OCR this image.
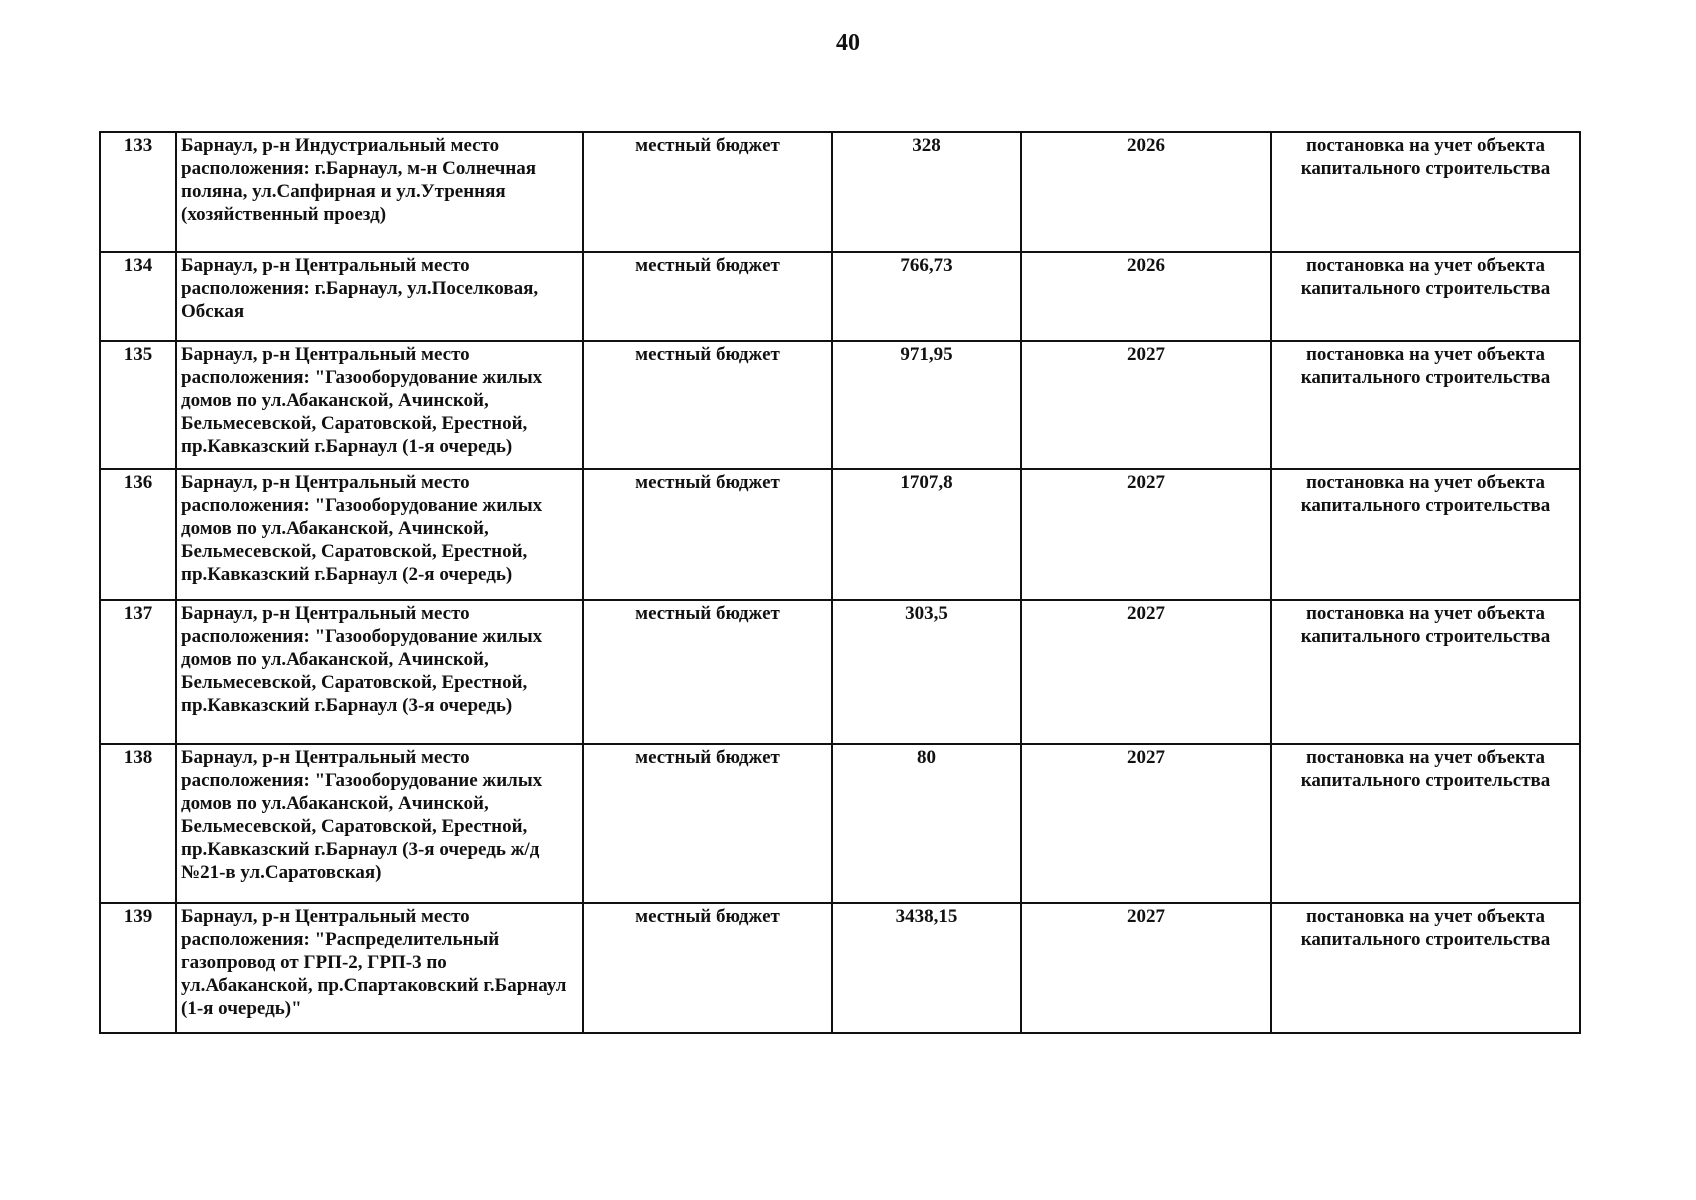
40
133	Барнаул, р-н Индустриальный место расположения: г.Барнаул, м-н Солнечная поляна, ул.Сапфирная и ул.Утренняя (хозяйственный проезд)	местный бюджет	328	2026	постановка на учет объекта капитального строительства
134	Барнаул, р-н Центральный место расположения: г.Барнаул, ул.Поселковая, Обская	местный бюджет	766,73	2026	постановка на учет объекта капитального строительства
135	Барнаул, р-н Центральный место расположения: "Газооборудование жилых домов по ул.Абаканской, Ачинской, Бельмесевской, Саратовской, Ерестной, пр.Кавказский г.Барнаул (1-я очередь)	местный бюджет	971,95	2027	постановка на учет объекта капитального строительства
136	Барнаул, р-н Центральный место расположения: "Газооборудование жилых домов по ул.Абаканской, Ачинской, Бельмесевской, Саратовской, Ерестной, пр.Кавказский г.Барнаул (2-я очередь)	местный бюджет	1707,8	2027	постановка на учет объекта капитального строительства
137	Барнаул, р-н Центральный место расположения: "Газооборудование жилых домов по ул.Абаканской, Ачинской, Бельмесевской, Саратовской, Ерестной, пр.Кавказский г.Барнаул (3-я очередь)	местный бюджет	303,5	2027	постановка на учет объекта капитального строительства
138	Барнаул, р-н Центральный место расположения: "Газооборудование жилых домов по ул.Абаканской, Ачинской, Бельмесевской, Саратовской, Ерестной, пр.Кавказский г.Барнаул (3-я очередь ж/д №21-в ул.Саратовская)	местный бюджет	80	2027	постановка на учет объекта капитального строительства
139	Барнаул, р-н Центральный место расположения: "Распределительный газопровод от ГРП-2, ГРП-3 по ул.Абаканской, пр.Спартаковский г.Барнаул (1-я очередь)"	местный бюджет	3438,15	2027	постановка на учет объекта капитального строительства
